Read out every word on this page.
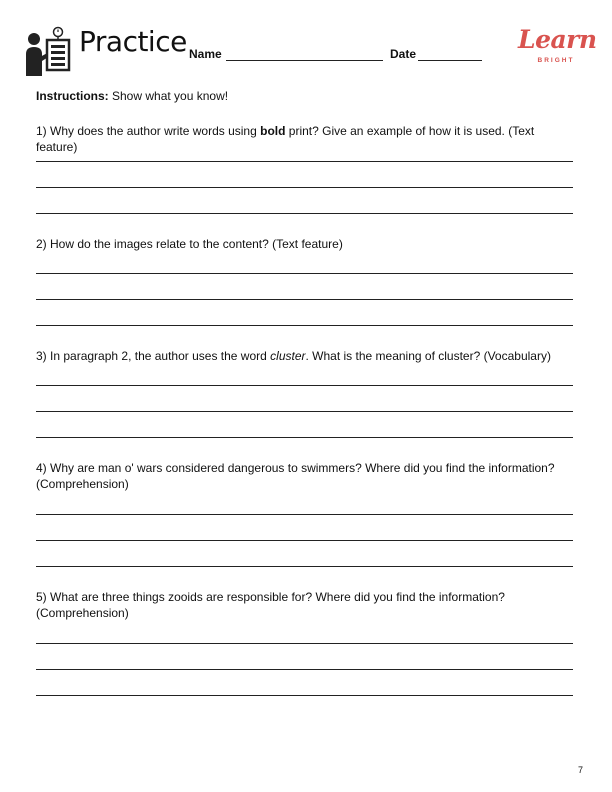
Practice Name	Date	Learn
BRIGHT
Instructions: Show what you know!
1) Why does the author write words using bold print? Give an example of how it is used. (Text feature)
2) How do the images relate to the content? (Text feature)
3) In paragraph 2, the author uses the word cluster. What is the meaning of cluster? (Vocabulary)
4) Why are man o' wars considered dangerous to swimmers? Where did you find the information?
(Comprehension)
5) What are three things zooids are responsible for? Where did you find the information?
(Comprehension)
7
